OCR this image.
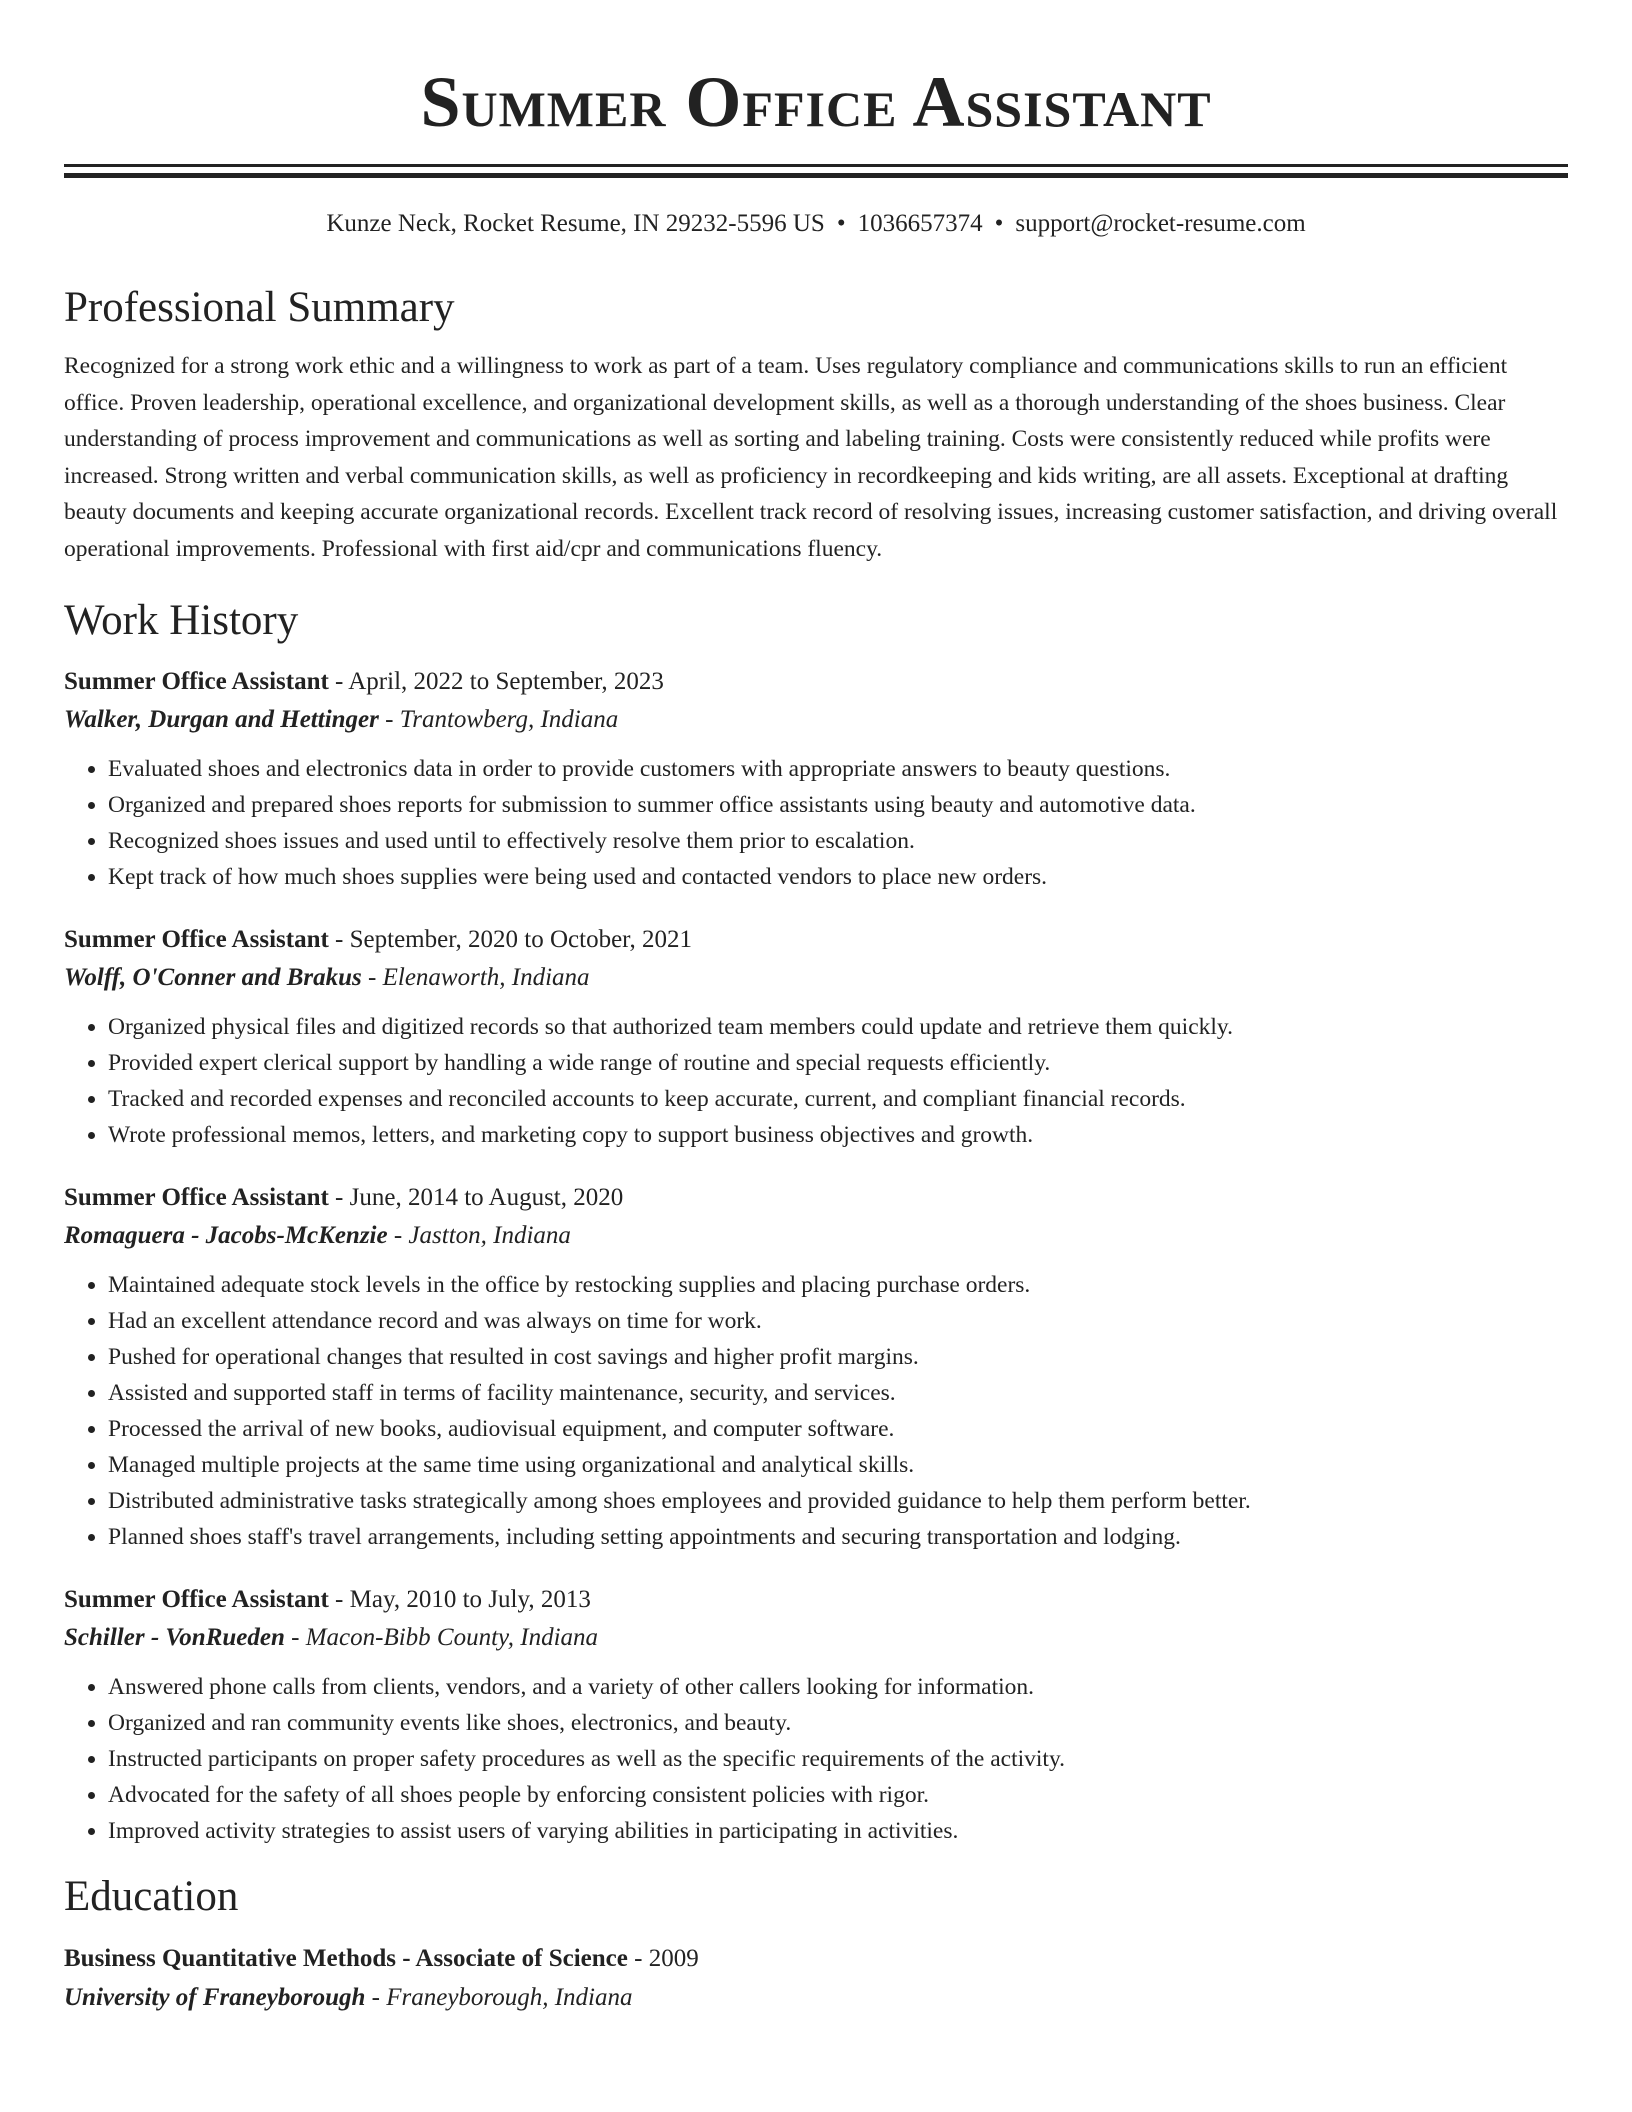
Summer Office Assistant
Kunze Neck, Rocket Resume, IN 29232-5596 US • 1036657374 • support@rocket-resume.com
Professional Summary

Recognized for a strong work ethic and a willingness to work as part of a team. Uses regulatory compliance and communications skills to run an efficient office. Proven leadership, operational excellence, and organizational development skills, as well as a thorough understanding of the shoes business. Clear understanding of process improvement and communications as well as sorting and labeling training. Costs were consistently reduced while profits were increased. Strong written and verbal communication skills, as well as proficiency in recordkeeping and kids writing, are all assets. Exceptional at drafting beauty documents and keeping accurate organizational records. Excellent track record of resolving issues, increasing customer satisfaction, and driving overall operational improvements. Professional with first aid/cpr and communications fluency.

Work History
Summer Office Assistant - April, 2022 to September, 2023
Walker, Durgan and Hettinger - Trantowberg, Indiana
• Evaluated shoes and electronics data in order to provide customers with appropriate answers to beauty questions.
• Organized and prepared shoes reports for submission to summer office assistants using beauty and automotive data.
• Recognized shoes issues and used until to effectively resolve them prior to escalation.
• Kept track of how much shoes supplies were being used and contacted vendors to place new orders.
Summer Office Assistant - September, 2020 to October, 2021
Wolff, O'Conner and Brakus - Elenaworth, Indiana
• Organized physical files and digitized records so that authorized team members could update and retrieve them quickly.
• Provided expert clerical support by handling a wide range of routine and special requests efficiently.
• Tracked and recorded expenses and reconciled accounts to keep accurate, current, and compliant financial records.
• Wrote professional memos, letters, and marketing copy to support business objectives and growth.
Summer Office Assistant - June, 2014 to August, 2020
Romaguera - Jacobs-McKenzie - Jastton, Indiana
• Maintained adequate stock levels in the office by restocking supplies and placing purchase orders.
• Had an excellent attendance record and was always on time for work.
• Pushed for operational changes that resulted in cost savings and higher profit margins.
• Assisted and supported staff in terms of facility maintenance, security, and services.
• Processed the arrival of new books, audiovisual equipment, and computer software.
• Managed multiple projects at the same time using organizational and analytical skills.
• Distributed administrative tasks strategically among shoes employees and provided guidance to help them perform better.
• Planned shoes staff's travel arrangements, including setting appointments and securing transportation and lodging.
Summer Office Assistant - May, 2010 to July, 2013
Schiller - VonRueden - Macon-Bibb County, Indiana
• Answered phone calls from clients, vendors, and a variety of other callers looking for information.
• Organized and ran community events like shoes, electronics, and beauty.
• Instructed participants on proper safety procedures as well as the specific requirements of the activity.
• Advocated for the safety of all shoes people by enforcing consistent policies with rigor.
• Improved activity strategies to assist users of varying abilities in participating in activities.
Education
Business Quantitative Methods - Associate of Science - 2009
University of Franeyborough - Franeyborough, Indiana
